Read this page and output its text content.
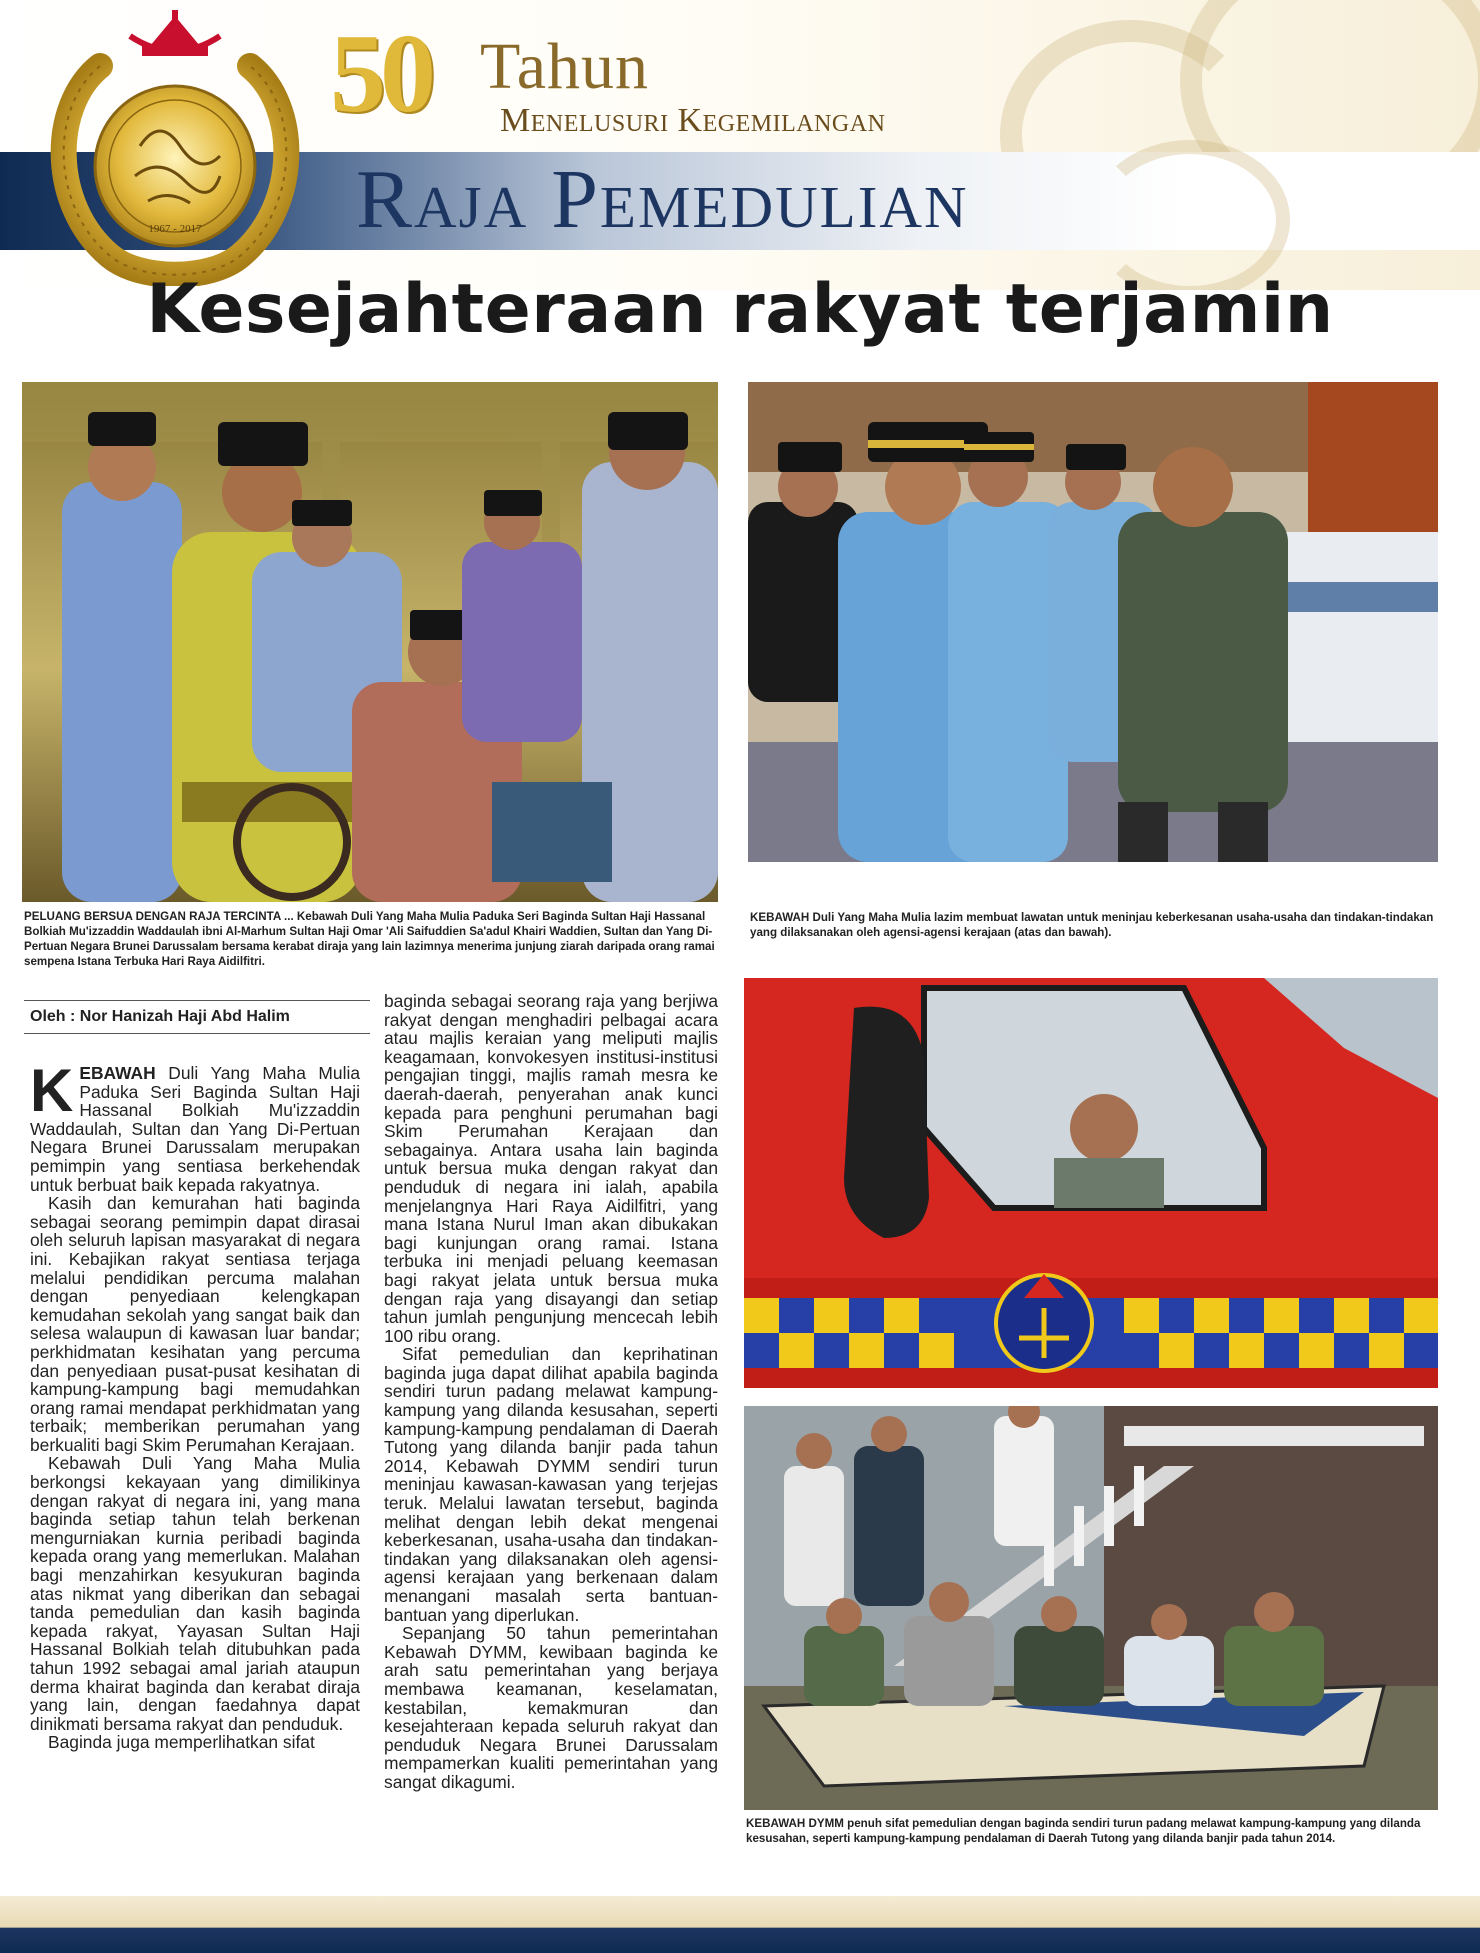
1967 - 2017
50 Tahun
Menelusuri Kegemilangan
Raja Pemedulian
Kesejahteraan rakyat terjamin
PELUANG BERSUA DENGAN RAJA TERCINTA ... Kebawah Duli Yang Maha Mulia Paduka Seri Baginda Sultan Haji Hassanal Bolkiah Mu'izzaddin Waddaulah ibni Al-Marhum Sultan Haji Omar 'Ali Saifuddien Sa'adul Khairi Waddien, Sultan dan Yang Di-Pertuan Negara Brunei Darussalam bersama kerabat diraja yang lain lazimnya menerima junjung ziarah daripada orang ramai sempena Istana Terbuka Hari Raya Aidilfitri.
KEBAWAH Duli Yang Maha Mulia lazim membuat lawatan untuk meninjau keberkesanan usaha-usaha dan tindakan-tindakan yang dilaksanakan oleh agensi-agensi kerajaan (atas dan bawah).
KEBAWAH DYMM penuh sifat pemedulian dengan baginda sendiri turun padang melawat kampung-kampung yang dilanda kesusahan, seperti kampung-kampung pendalaman di Daerah Tutong yang dilanda banjir pada tahun 2014.
Oleh : Nor Hanizah Haji Abd Halim

KEBAWAH Duli Yang Maha Mulia Paduka Seri Baginda Sultan Haji Hassanal Bolkiah Mu'izzaddin Waddaulah, Sultan dan Yang Di-Pertuan Negara Brunei Darussalam merupakan pemimpin yang sentiasa berkehendak untuk berbuat baik kepada rakyatnya.

Kasih dan kemurahan hati baginda sebagai seorang pemimpin dapat dirasai oleh seluruh lapisan masyarakat di negara ini. Kebajikan rakyat sentiasa terjaga melalui pendidikan percuma malahan dengan penyediaan kelengkapan kemudahan sekolah yang sangat baik dan selesa walaupun di kawasan luar bandar; perkhidmatan kesihatan yang percuma dan penyediaan pusat-pusat kesihatan di kampung-kampung bagi memudahkan orang ramai mendapat perkhidmatan yang terbaik; memberikan perumahan yang berkualiti bagi Skim Perumahan Kerajaan.

Kebawah Duli Yang Maha Mulia berkongsi kekayaan yang dimilikinya dengan rakyat di negara ini, yang mana baginda setiap tahun telah berkenan mengurniakan kurnia peribadi baginda kepada orang yang memerlukan. Malahan bagi menzahirkan kesyukuran baginda atas nikmat yang diberikan dan sebagai tanda pemedulian dan kasih baginda kepada rakyat, Yayasan Sultan Haji Hassanal Bolkiah telah ditubuhkan pada tahun 1992 sebagai amal jariah ataupun derma khairat baginda dan kerabat diraja yang lain, dengan faedahnya dapat dinikmati bersama rakyat dan penduduk.

Baginda juga memperlihatkan sifat

baginda sebagai seorang raja yang berjiwa rakyat dengan menghadiri pelbagai acara atau majlis keraian yang meliputi majlis keagamaan, konvokesyen institusi-institusi pengajian tinggi, majlis ramah mesra ke daerah-daerah, penyerahan anak kunci kepada para penghuni perumahan bagi Skim Perumahan Kerajaan dan sebagainya. Antara usaha lain baginda untuk bersua muka dengan rakyat dan penduduk di negara ini ialah, apabila menjelangnya Hari Raya Aidilfitri, yang mana Istana Nurul Iman akan dibukakan bagi kunjungan orang ramai. Istana terbuka ini menjadi peluang keemasan bagi rakyat jelata untuk bersua muka dengan raja yang disayangi dan setiap tahun jumlah pengunjung mencecah lebih 100 ribu orang.

Sifat pemedulian dan keprihatinan baginda juga dapat dilihat apabila baginda sendiri turun padang melawat kampung-kampung yang dilanda kesusahan, seperti kampung-kampung pendalaman di Daerah Tutong yang dilanda banjir pada tahun 2014, Kebawah DYMM sendiri turun meninjau kawasan-kawasan yang terjejas teruk. Melalui lawatan tersebut, baginda melihat dengan lebih dekat mengenai keberkesanan, usaha-usaha dan tindakan-tindakan yang dilaksanakan oleh agensi-agensi kerajaan yang berkenaan dalam menangani masalah serta bantuan-bantuan yang diperlukan.

Sepanjang 50 tahun pemerintahan Kebawah DYMM, kewibaan baginda ke arah satu pemerintahan yang berjaya membawa keamanan, keselamatan, kestabilan, kemakmuran dan kesejahteraan kepada seluruh rakyat dan penduduk Negara Brunei Darussalam mempamerkan kualiti pemerintahan yang sangat dikagumi.
